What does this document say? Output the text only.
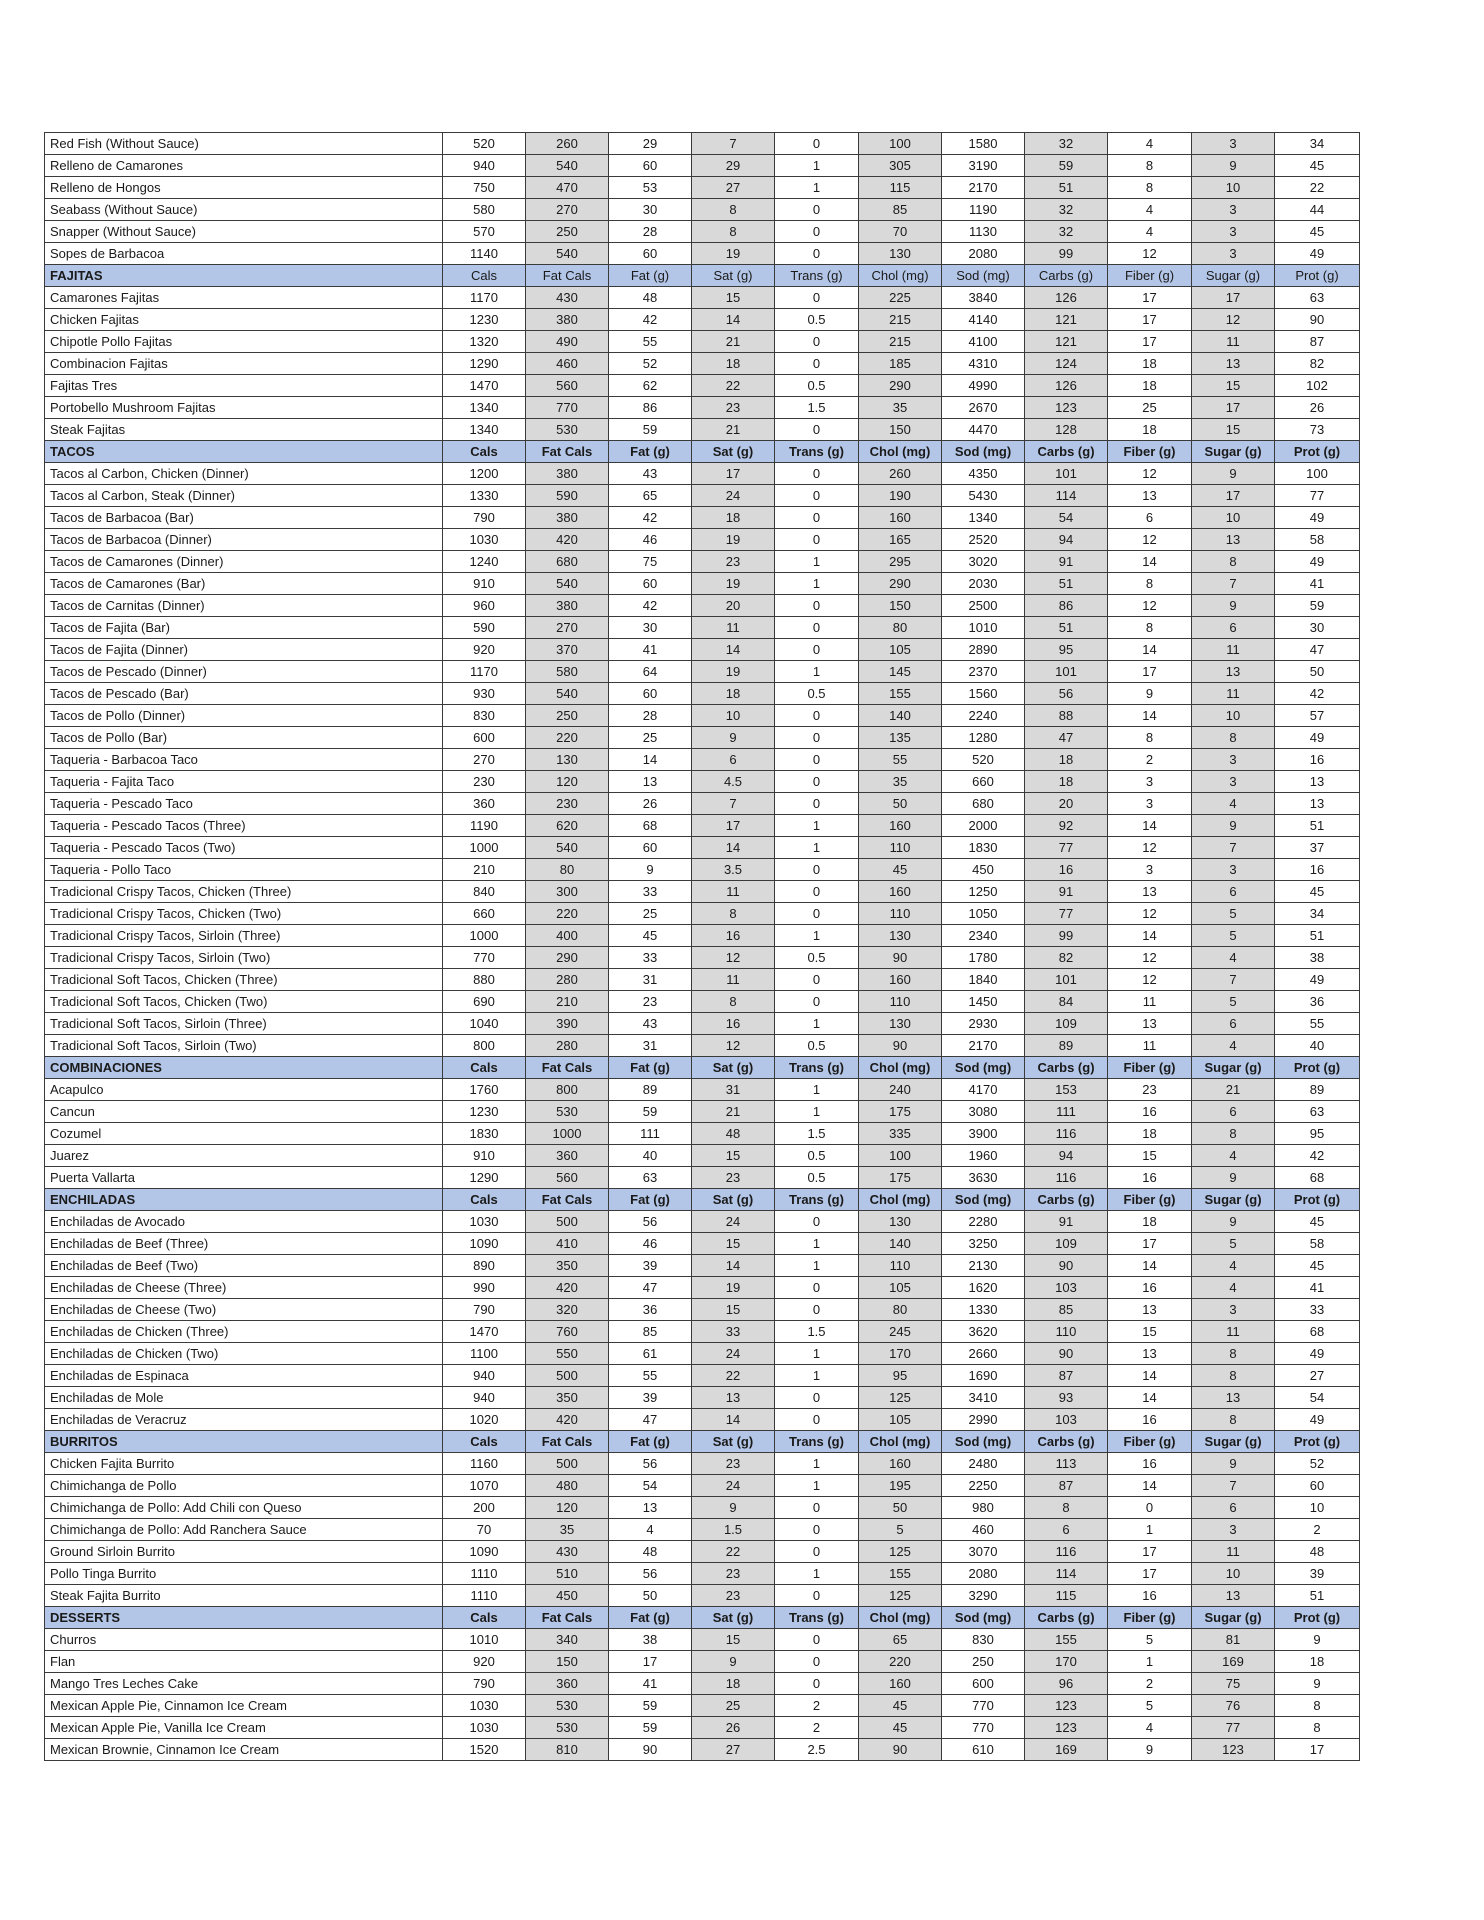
Red Fish (Without Sauce)	520	260	29	7	0	100	1580	32	4	3	34
Relleno de Camarones	940	540	60	29	1	305	3190	59	8	9	45
Relleno de Hongos	750	470	53	27	1	115	2170	51	8	10	22
Seabass (Without Sauce)	580	270	30	8	0	85	1190	32	4	3	44
Snapper (Without Sauce)	570	250	28	8	0	70	1130	32	4	3	45
Sopes de Barbacoa	1140	540	60	19	0	130	2080	99	12	3	49
FAJITAS	Cals	Fat Cals	Fat (g)	Sat (g)	Trans (g)	Chol (mg)	Sod (mg)	Carbs (g)	Fiber (g)	Sugar (g)	Prot (g)
Camarones Fajitas	1170	430	48	15	0	225	3840	126	17	17	63
Chicken Fajitas	1230	380	42	14	0.5	215	4140	121	17	12	90
Chipotle Pollo Fajitas	1320	490	55	21	0	215	4100	121	17	11	87
Combinacion Fajitas	1290	460	52	18	0	185	4310	124	18	13	82
Fajitas Tres	1470	560	62	22	0.5	290	4990	126	18	15	102
Portobello Mushroom Fajitas	1340	770	86	23	1.5	35	2670	123	25	17	26
Steak Fajitas	1340	530	59	21	0	150	4470	128	18	15	73
TACOS	Cals	Fat Cals	Fat (g)	Sat (g)	Trans (g)	Chol (mg)	Sod (mg)	Carbs (g)	Fiber (g)	Sugar (g)	Prot (g)
Tacos al Carbon, Chicken (Dinner)	1200	380	43	17	0	260	4350	101	12	9	100
Tacos al Carbon, Steak (Dinner)	1330	590	65	24	0	190	5430	114	13	17	77
Tacos de Barbacoa (Bar)	790	380	42	18	0	160	1340	54	6	10	49
Tacos de Barbacoa (Dinner)	1030	420	46	19	0	165	2520	94	12	13	58
Tacos de Camarones (Dinner)	1240	680	75	23	1	295	3020	91	14	8	49
Tacos de Camarones (Bar)	910	540	60	19	1	290	2030	51	8	7	41
Tacos de Carnitas (Dinner)	960	380	42	20	0	150	2500	86	12	9	59
Tacos de Fajita (Bar)	590	270	30	11	0	80	1010	51	8	6	30
Tacos de Fajita (Dinner)	920	370	41	14	0	105	2890	95	14	11	47
Tacos de Pescado (Dinner)	1170	580	64	19	1	145	2370	101	17	13	50
Tacos de Pescado (Bar)	930	540	60	18	0.5	155	1560	56	9	11	42
Tacos de Pollo (Dinner)	830	250	28	10	0	140	2240	88	14	10	57
Tacos de Pollo (Bar)	600	220	25	9	0	135	1280	47	8	8	49
Taqueria - Barbacoa Taco	270	130	14	6	0	55	520	18	2	3	16
Taqueria - Fajita Taco	230	120	13	4.5	0	35	660	18	3	3	13
Taqueria - Pescado Taco	360	230	26	7	0	50	680	20	3	4	13
Taqueria - Pescado Tacos (Three)	1190	620	68	17	1	160	2000	92	14	9	51
Taqueria - Pescado Tacos (Two)	1000	540	60	14	1	110	1830	77	12	7	37
Taqueria - Pollo Taco	210	80	9	3.5	0	45	450	16	3	3	16
Tradicional Crispy Tacos, Chicken (Three)	840	300	33	11	0	160	1250	91	13	6	45
Tradicional Crispy Tacos, Chicken (Two)	660	220	25	8	0	110	1050	77	12	5	34
Tradicional Crispy Tacos, Sirloin (Three)	1000	400	45	16	1	130	2340	99	14	5	51
Tradicional Crispy Tacos, Sirloin (Two)	770	290	33	12	0.5	90	1780	82	12	4	38
Tradicional Soft Tacos, Chicken (Three)	880	280	31	11	0	160	1840	101	12	7	49
Tradicional Soft Tacos, Chicken (Two)	690	210	23	8	0	110	1450	84	11	5	36
Tradicional Soft Tacos, Sirloin (Three)	1040	390	43	16	1	130	2930	109	13	6	55
Tradicional Soft Tacos, Sirloin (Two)	800	280	31	12	0.5	90	2170	89	11	4	40
COMBINACIONES	Cals	Fat Cals	Fat (g)	Sat (g)	Trans (g)	Chol (mg)	Sod (mg)	Carbs (g)	Fiber (g)	Sugar (g)	Prot (g)
Acapulco	1760	800	89	31	1	240	4170	153	23	21	89
Cancun	1230	530	59	21	1	175	3080	111	16	6	63
Cozumel	1830	1000	111	48	1.5	335	3900	116	18	8	95
Juarez	910	360	40	15	0.5	100	1960	94	15	4	42
Puerta Vallarta	1290	560	63	23	0.5	175	3630	116	16	9	68
ENCHILADAS	Cals	Fat Cals	Fat (g)	Sat (g)	Trans (g)	Chol (mg)	Sod (mg)	Carbs (g)	Fiber (g)	Sugar (g)	Prot (g)
Enchiladas de Avocado	1030	500	56	24	0	130	2280	91	18	9	45
Enchiladas de Beef (Three)	1090	410	46	15	1	140	3250	109	17	5	58
Enchiladas de Beef (Two)	890	350	39	14	1	110	2130	90	14	4	45
Enchiladas de Cheese (Three)	990	420	47	19	0	105	1620	103	16	4	41
Enchiladas de Cheese (Two)	790	320	36	15	0	80	1330	85	13	3	33
Enchiladas de Chicken (Three)	1470	760	85	33	1.5	245	3620	110	15	11	68
Enchiladas de Chicken (Two)	1100	550	61	24	1	170	2660	90	13	8	49
Enchiladas de Espinaca	940	500	55	22	1	95	1690	87	14	8	27
Enchiladas de Mole	940	350	39	13	0	125	3410	93	14	13	54
Enchiladas de Veracruz	1020	420	47	14	0	105	2990	103	16	8	49
BURRITOS	Cals	Fat Cals	Fat (g)	Sat (g)	Trans (g)	Chol (mg)	Sod (mg)	Carbs (g)	Fiber (g)	Sugar (g)	Prot (g)
Chicken Fajita Burrito	1160	500	56	23	1	160	2480	113	16	9	52
Chimichanga de Pollo	1070	480	54	24	1	195	2250	87	14	7	60
Chimichanga de Pollo: Add Chili con Queso	200	120	13	9	0	50	980	8	0	6	10
Chimichanga de Pollo: Add Ranchera Sauce	70	35	4	1.5	0	5	460	6	1	3	2
Ground Sirloin Burrito	1090	430	48	22	0	125	3070	116	17	11	48
Pollo Tinga Burrito	1110	510	56	23	1	155	2080	114	17	10	39
Steak Fajita Burrito	1110	450	50	23	0	125	3290	115	16	13	51
DESSERTS	Cals	Fat Cals	Fat (g)	Sat (g)	Trans (g)	Chol (mg)	Sod (mg)	Carbs (g)	Fiber (g)	Sugar (g)	Prot (g)
Churros	1010	340	38	15	0	65	830	155	5	81	9
Flan	920	150	17	9	0	220	250	170	1	169	18
Mango Tres Leches Cake	790	360	41	18	0	160	600	96	2	75	9
Mexican Apple Pie, Cinnamon Ice Cream	1030	530	59	25	2	45	770	123	5	76	8
Mexican Apple Pie, Vanilla Ice Cream	1030	530	59	26	2	45	770	123	4	77	8
Mexican Brownie, Cinnamon Ice Cream	1520	810	90	27	2.5	90	610	169	9	123	17
